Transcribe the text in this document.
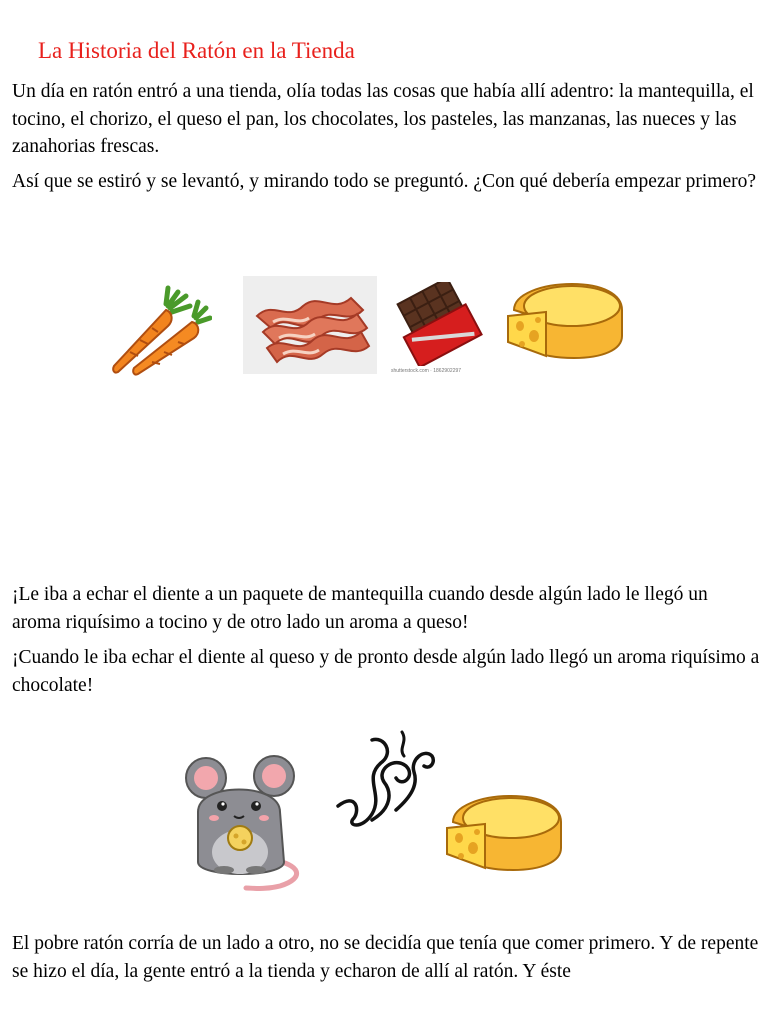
La Historia del Ratón en la Tienda

Un día en ratón entró a una tienda, olía todas las cosas que había allí adentro: la mantequilla, el tocino, el chorizo, el queso el pan, los chocolates, los pasteles, las manzanas, las nueces y las zanahorias frescas.

Así que se estiró y se levantó, y mirando todo se preguntó. ¿Con qué debería empezar primero?

shutterstock.com · 1862902297

¡Le iba a echar el diente a un paquete de mantequilla cuando desde algún lado le llegó un aroma riquísimo a tocino y de otro lado un aroma a queso!

¡Cuando le iba echar el diente al queso y de pronto desde algún lado llegó un aroma riquísimo a chocolate!

El pobre ratón corría de un lado a otro, no se decidía que tenía que comer primero. Y de repente se hizo el día, la gente entró a la tienda y echaron de allí al ratón. Y éste
